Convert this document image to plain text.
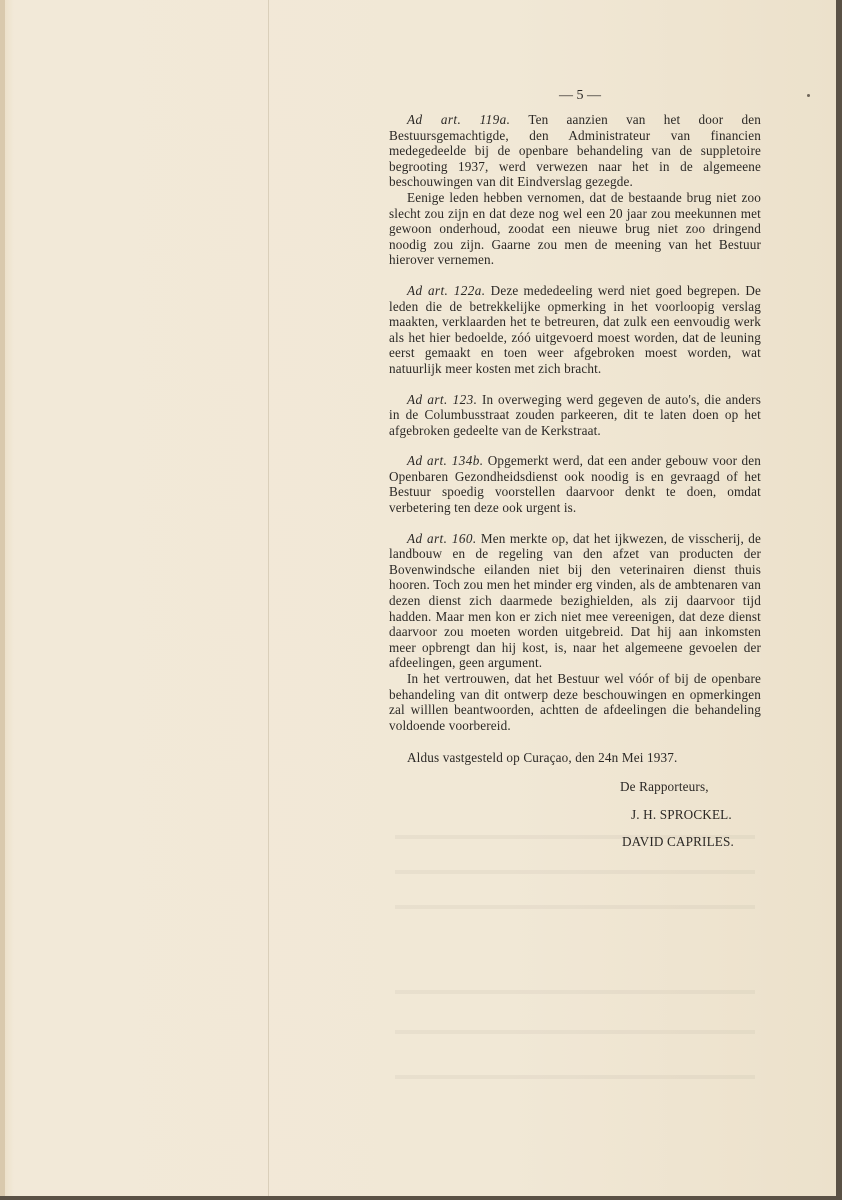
— 5 —

Ad art. 119a. Ten aanzien van het door den Bestuursgemachtigde, den Administrateur van financien medegedeelde bij de openbare behandeling van de suppletoire begrooting 1937, werd verwezen naar het in de algemeene beschouwingen van dit Eindverslag gezegde.

Eenige leden hebben vernomen, dat de bestaande brug niet zoo slecht zou zijn en dat deze nog wel een 20 jaar zou meekunnen met gewoon onderhoud, zoodat een nieuwe brug niet zoo dringend noodig zou zijn. Gaarne zou men de meening van het Bestuur hierover vernemen.

Ad art. 122a. Deze mededeeling werd niet goed begrepen. De leden die de betrekkelijke opmerking in het voorloopig verslag maakten, verklaarden het te betreuren, dat zulk een eenvoudig werk als het hier bedoelde, zóó uitgevoerd moest worden, dat de leuning eerst gemaakt en toen weer afgebroken moest worden, wat natuurlijk meer kosten met zich bracht.

Ad art. 123. In overweging werd gegeven de auto's, die anders in de Columbusstraat zouden parkeeren, dit te laten doen op het afgebroken gedeelte van de Kerkstraat.

Ad art. 134b. Opgemerkt werd, dat een ander gebouw voor den Openbaren Gezondheidsdienst ook noodig is en gevraagd of het Bestuur spoedig voorstellen daarvoor denkt te doen, omdat verbetering ten deze ook urgent is.

Ad art. 160. Men merkte op, dat het ijkwezen, de visscherij, de landbouw en de regeling van den afzet van producten der Bovenwindsche eilanden niet bij den veterinairen dienst thuis hooren. Toch zou men het minder erg vinden, als de ambtenaren van dezen dienst zich daarmede bezighielden, als zij daarvoor tijd hadden. Maar men kon er zich niet mee vereenigen, dat deze dienst daarvoor zou moeten worden uitgebreid. Dat hij aan inkomsten meer opbrengt dan hij kost, is, naar het algemeene gevoelen der afdeelingen, geen argument.

In het vertrouwen, dat het Bestuur wel vóór of bij de openbare behandeling van dit ontwerp deze beschouwingen en opmerkingen zal willlen beantwoorden, achtten de afdeelingen die behandeling voldoende voorbereid.

Aldus vastgesteld op Curaçao, den 24n Mei 1937.

De Rapporteurs,

J. H. SPROCKEL.

DAVID CAPRILES.
